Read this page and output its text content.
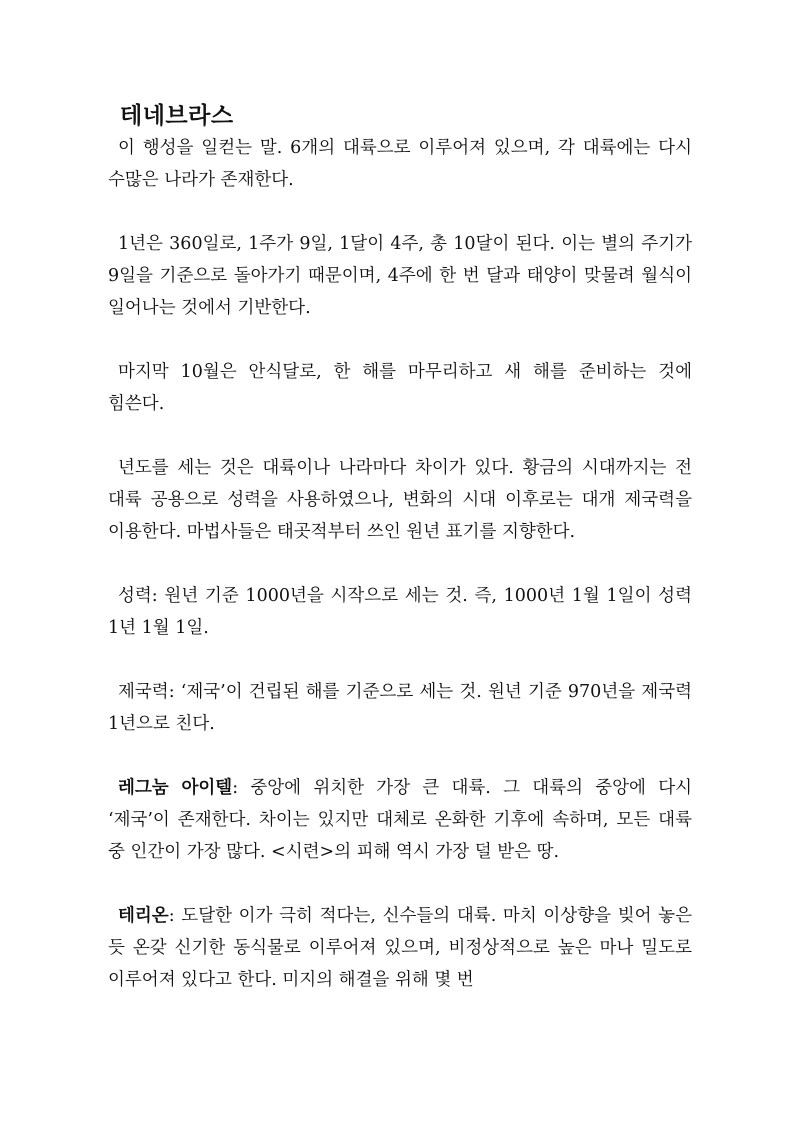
테네브라스

이 행성을 일컫는 말. 6개의 대륙으로 이루어져 있으며, 각 대륙에는 다시 수많은 나라가 존재한다.

1년은 360일로, 1주가 9일, 1달이 4주, 총 10달이 된다. 이는 별의 주기가 9일을 기준으로 돌아가기 때문이며, 4주에 한 번 달과 태양이 맞물려 월식이 일어나는 것에서 기반한다.

마지막 10월은 안식달로, 한 해를 마무리하고 새 해를 준비하는 것에 힘쓴다.

년도를 세는 것은 대륙이나 나라마다 차이가 있다. 황금의 시대까지는 전 대륙 공용으로 성력을 사용하였으나, 변화의 시대 이후로는 대개 제국력을 이용한다. 마법사들은 태곳적부터 쓰인 원년 표기를 지향한다.

성력: 원년 기준 1000년을 시작으로 세는 것. 즉, 1000년 1월 1일이 성력 1년 1월 1일.

제국력: ‘제국’이 건립된 해를 기준으로 세는 것. 원년 기준 970년을 제국력 1년으로 친다.

레그눔 아이텔: 중앙에 위치한 가장 큰 대륙. 그 대륙의 중앙에 다시 ‘제국’이 존재한다. 차이는 있지만 대체로 온화한 기후에 속하며, 모든 대륙 중 인간이 가장 많다. <시련>의 피해 역시 가장 덜 받은 땅.

테리온: 도달한 이가 극히 적다는, 신수들의 대륙. 마치 이상향을 빚어 놓은 듯 온갖 신기한 동식물로 이루어져 있으며, 비정상적으로 높은 마나 밀도로 이루어져 있다고 한다. 미지의 해결을 위해 몇 번
